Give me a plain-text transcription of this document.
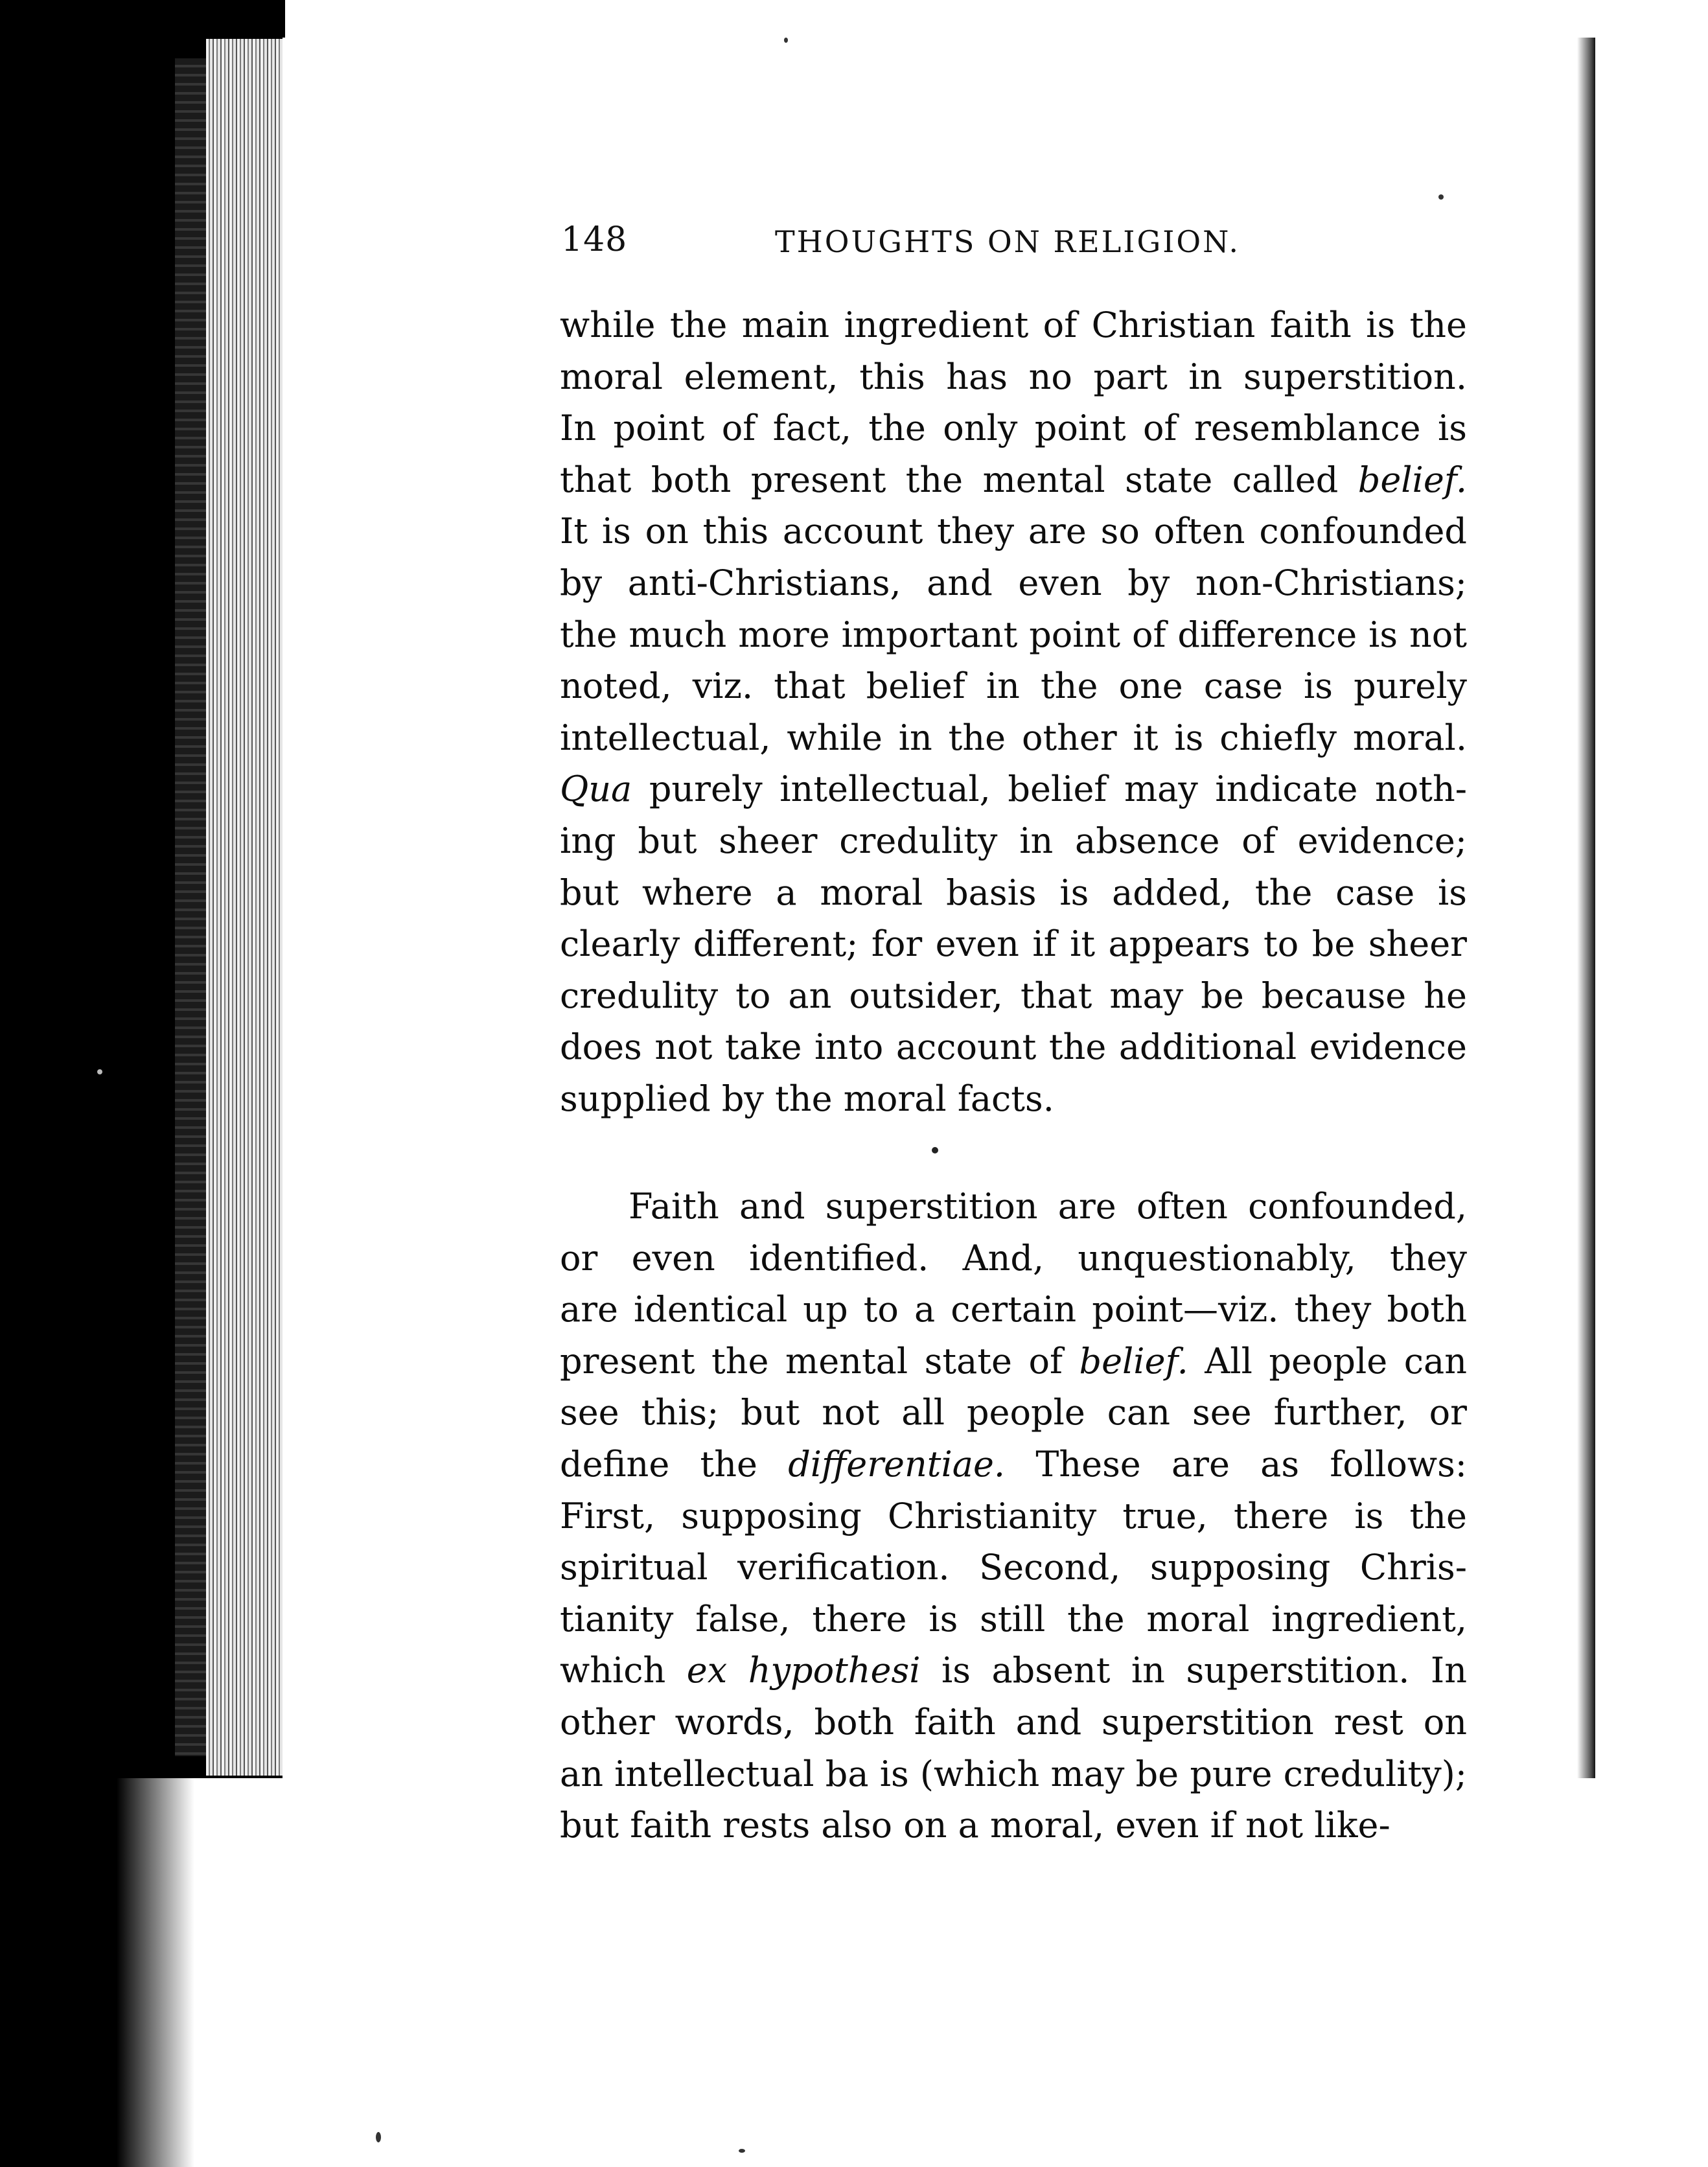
148	THOUGHTS ON RELIGION.
while the main ingredient of Christian faith is the
moral element, this has no part in superstition.
In point of fact, the only point of resemblance is
that both present the mental state called belief.
It is on this account they are so often confounded
by anti-Christians, and even by non-Christians;
the much more important point of difference is not
noted, viz. that belief in the one case is purely
intellectual, while in the other it is chiefly moral.
Qua purely intellectual, belief may indicate noth-
ing but sheer credulity in absence of evidence;
but where a moral basis is added, the case is
clearly different; for even if it appears to be sheer
credulity to an outsider, that may be because he
does not take into account the additional evidence
supplied by the moral facts.
Faith and superstition are often confounded,
or even identified. And, unquestionably, they
are identical up to a certain point—viz. they both
present the mental state of belief. All people can
see this; but not all people can see further, or
define the differentiae. These are as follows:
First, supposing Christianity true, there is the
spiritual verification. Second, supposing Chris-
tianity false, there is still the moral ingredient,
which ex hypothesi is absent in superstition. In
other words, both faith and superstition rest on
an intellectual ba is (which may be pure credulity);
but faith rests also on a moral, even if not like-
